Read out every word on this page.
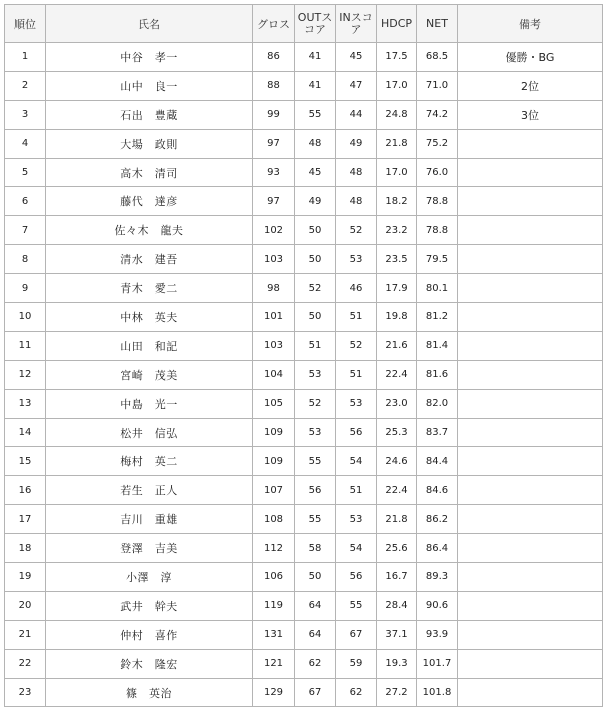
順位	氏名	グロス	OUTスコア	INスコア	HDCP	NET	備考
1	中谷　孝一	86	41	45	17.5	68.5	優勝・BG
2	山中　良一	88	41	47	17.0	71.0	2位
3	石出　豊蔵	99	55	44	24.8	74.2	3位
4	大場　政則	97	48	49	21.8	75.2	
5	高木　清司	93	45	48	17.0	76.0	
6	藤代　達彦	97	49	48	18.2	78.8	
7	佐々木　龍夫	102	50	52	23.2	78.8	
8	清水　建吾	103	50	53	23.5	79.5	
9	青木　愛二	98	52	46	17.9	80.1	
10	中林　英夫	101	50	51	19.8	81.2	
11	山田　和記	103	51	52	21.6	81.4	
12	宮崎　茂美	104	53	51	22.4	81.6	
13	中島　光一	105	52	53	23.0	82.0	
14	松井　信弘	109	53	56	25.3	83.7	
15	梅村　英二	109	55	54	24.6	84.4	
16	若生　正人	107	56	51	22.4	84.6	
17	吉川　重雄	108	55	53	21.8	86.2	
18	登澤　吉美	112	58	54	25.6	86.4	
19	小澤　淳	106	50	56	16.7	89.3	
20	武井　幹夫	119	64	55	28.4	90.6	
21	仲村　喜作	131	64	67	37.1	93.9	
22	鈴木　隆宏	121	62	59	19.3	101.7	
23	篠　英治	129	67	62	27.2	101.8	
